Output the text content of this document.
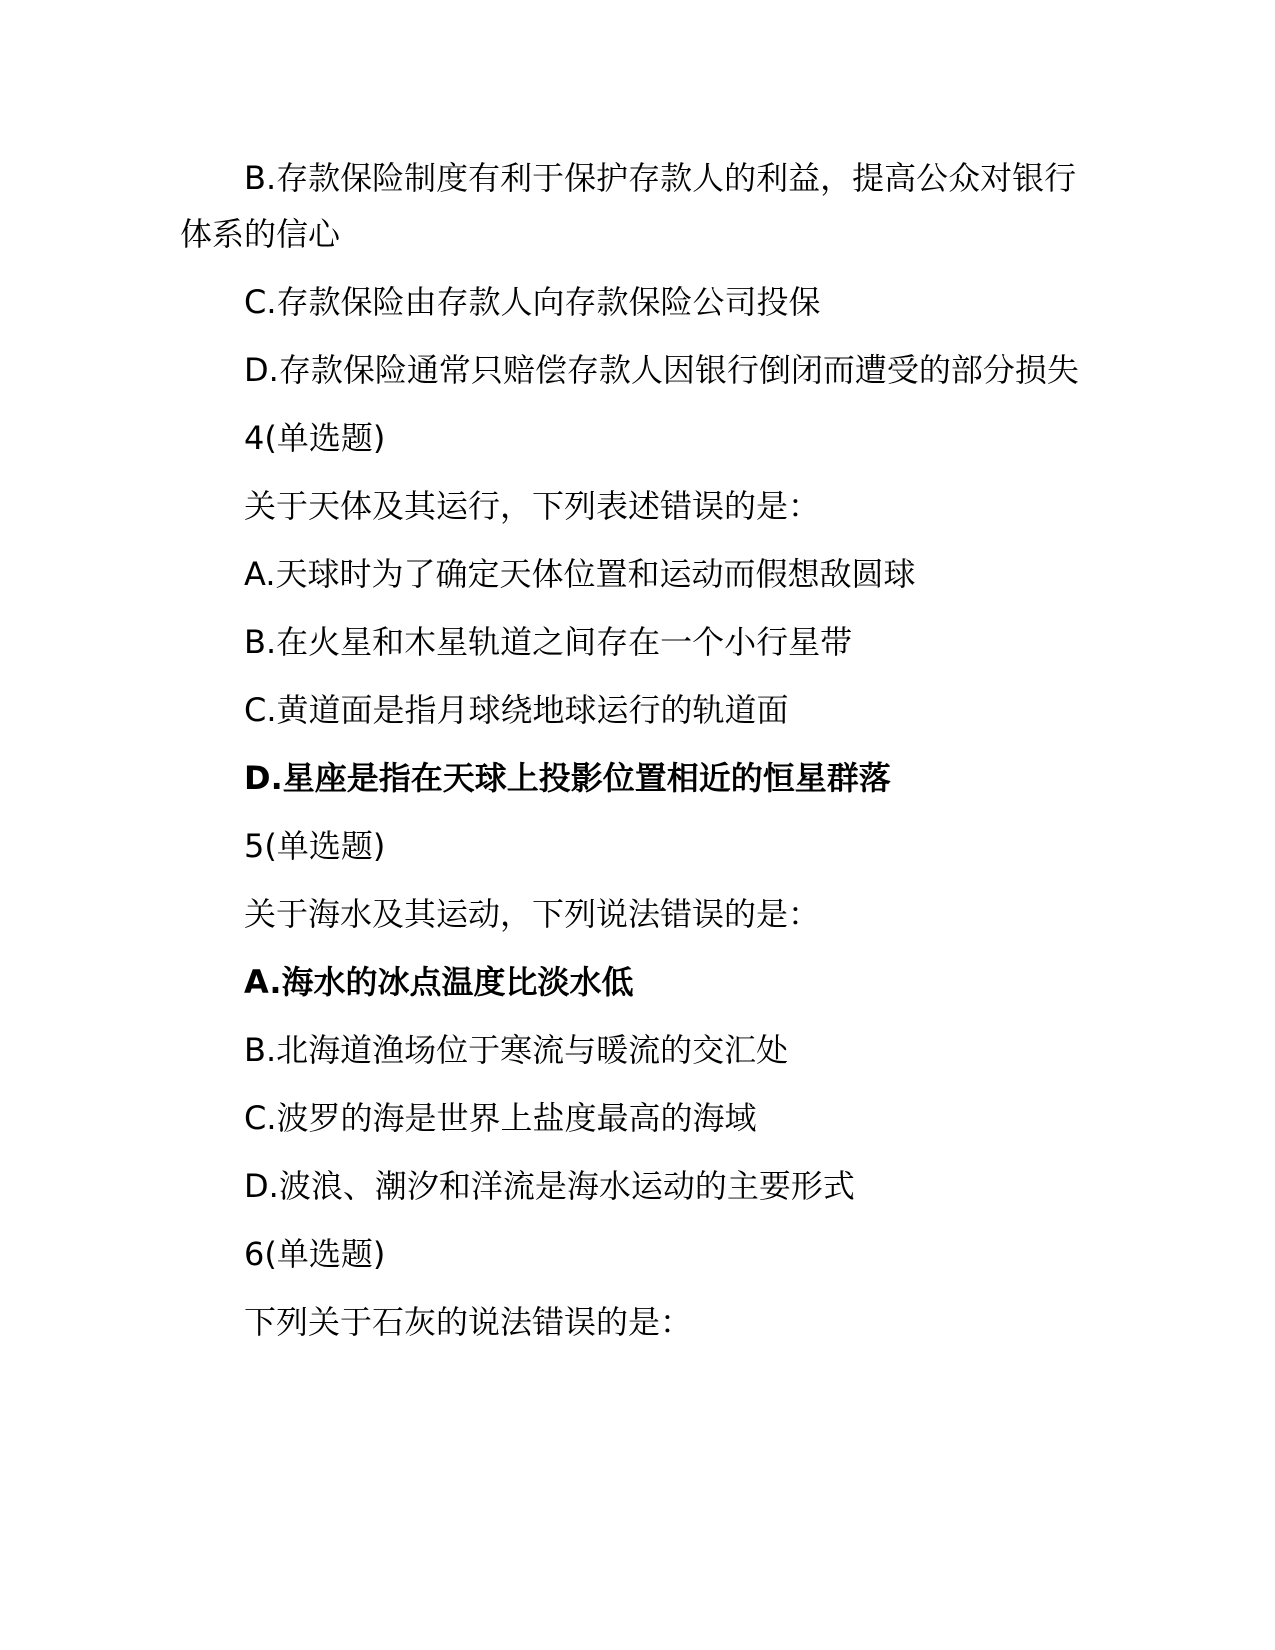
B.存款保险制度有利于保护存款人的利益，提高公众对银行体系的信心

C.存款保险由存款人向存款保险公司投保

D.存款保险通常只赔偿存款人因银行倒闭而遭受的部分损失

4(单选题)

关于天体及其运行，下列表述错误的是：

A.天球时为了确定天体位置和运动而假想敌圆球

B.在火星和木星轨道之间存在一个小行星带

C.黄道面是指月球绕地球运行的轨道面

D.星座是指在天球上投影位置相近的恒星群落

5(单选题)

关于海水及其运动，下列说法错误的是：

A.海水的冰点温度比淡水低

B.北海道渔场位于寒流与暖流的交汇处

C.波罗的海是世界上盐度最高的海域

D.波浪、潮汐和洋流是海水运动的主要形式

6(单选题)

下列关于石灰的说法错误的是：
